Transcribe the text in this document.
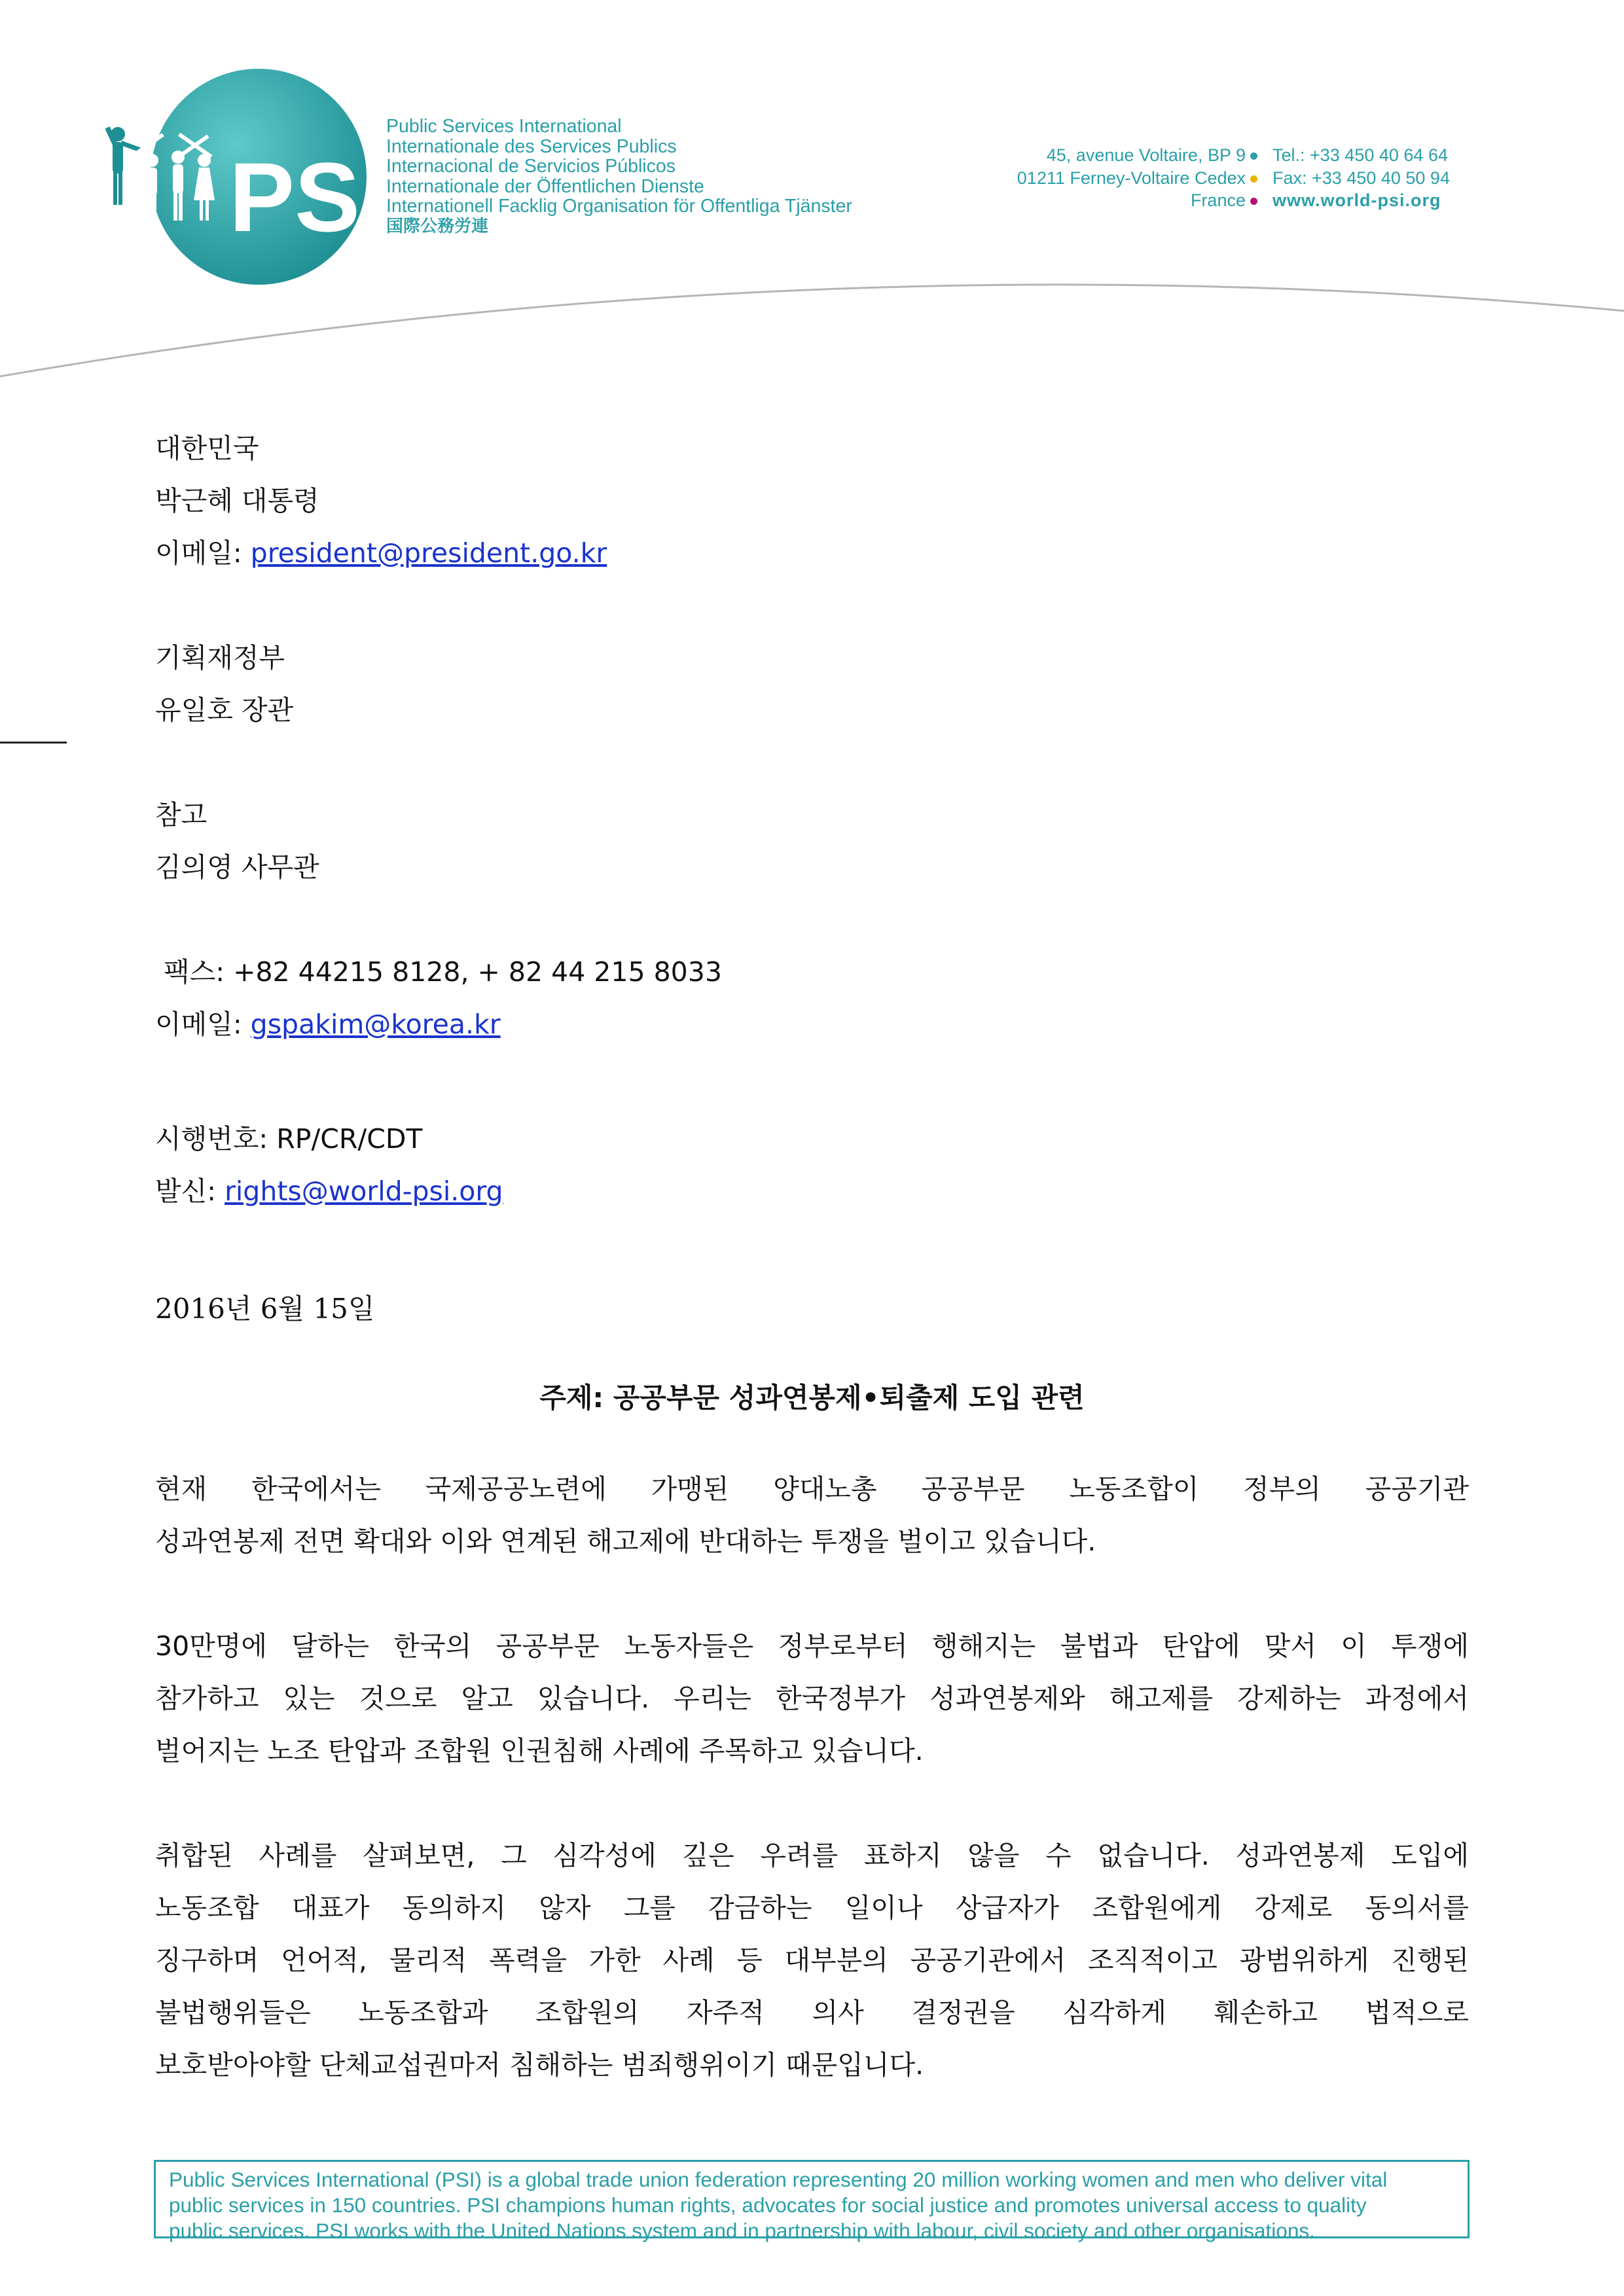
PSI
Public Services International
Internationale des Services Publics
Internacional de Servicios Públicos
Internationale der Öffentlichen Dienste
Internationell Facklig Organisation för Offentliga Tjänster
国際公務労連
45, avenue Voltaire, BP 9
01211 Ferney-Voltaire Cedex
France
Tel.: +33 450 40 64 64
Fax: +33 450 40 50 94
www.world-psi.org
대한민국
박근혜 대통령
이메일: president@president.go.kr
기획재정부
유일호 장관
참고
김의영 사무관
팩스: +82 44215 8128, + 82 44 215 8033
이메일: gspakim@korea.kr
시행번호: RP/CR/CDT
발신: rights@world-psi.org
2016년 6월 15일
주제: 공공부문 성과연봉제•퇴출제 도입 관련
현재 한국에서는 국제공공노련에 가맹된 양대노총 공공부문 노동조합이 정부의 공공기관
성과연봉제 전면 확대와 이와 연계된 해고제에 반대하는 투쟁을 벌이고 있습니다.
30만명에 달하는 한국의 공공부문 노동자들은 정부로부터 행해지는 불법과 탄압에 맞서 이 투쟁에
참가하고 있는 것으로 알고 있습니다. 우리는 한국정부가 성과연봉제와 해고제를 강제하는 과정에서
벌어지는 노조 탄압과 조합원 인권침해 사례에 주목하고 있습니다.
취합된 사례를 살펴보면, 그 심각성에 깊은 우려를 표하지 않을 수 없습니다. 성과연봉제 도입에
노동조합 대표가 동의하지 않자 그를 감금하는 일이나 상급자가 조합원에게 강제로 동의서를
징구하며 언어적, 물리적 폭력을 가한 사례 등 대부분의 공공기관에서 조직적이고 광범위하게 진행된
불법행위들은 노동조합과 조합원의 자주적 의사 결정권을 심각하게 훼손하고 법적으로
보호받아야할 단체교섭권마저 침해하는 범죄행위이기 때문입니다.
Public Services International (PSI) is a global trade union federation representing 20 million working women and men who deliver vital
public services in 150 countries. PSI champions human rights, advocates for social justice and promotes universal access to quality
public services. PSI works with the United Nations system and in partnership with labour, civil society and other organisations.
